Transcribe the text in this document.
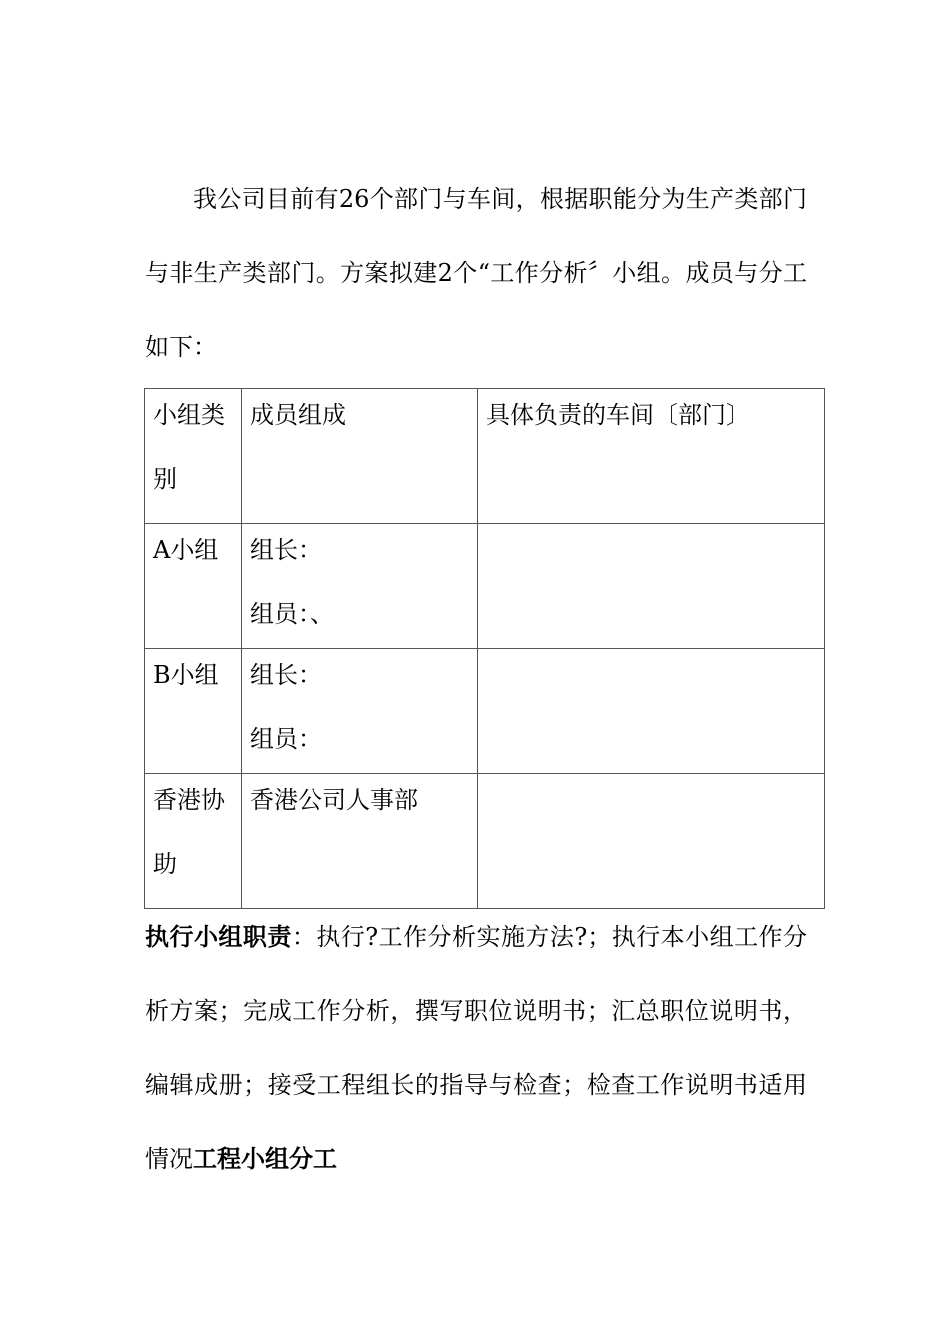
我公司目前有26个部门与车间，根据职能分为生产类部门与非生产类部门。方案拟建2个“工作分析〞小组。成员与分工如下：

小组类别	成员组成	具体负责的车间〔部门〕

A小组	组长：
组员：、	

B小组	组长：
组员：	

香港协助	香港公司人事部	

执行小组职责：执行?工作分析实施方法?；执行本小组工作分析方案；完成工作分析，撰写职位说明书；汇总职位说明书，编辑成册；接受工程组长的指导与检查；检查工作说明书适用情况工程小组分工
